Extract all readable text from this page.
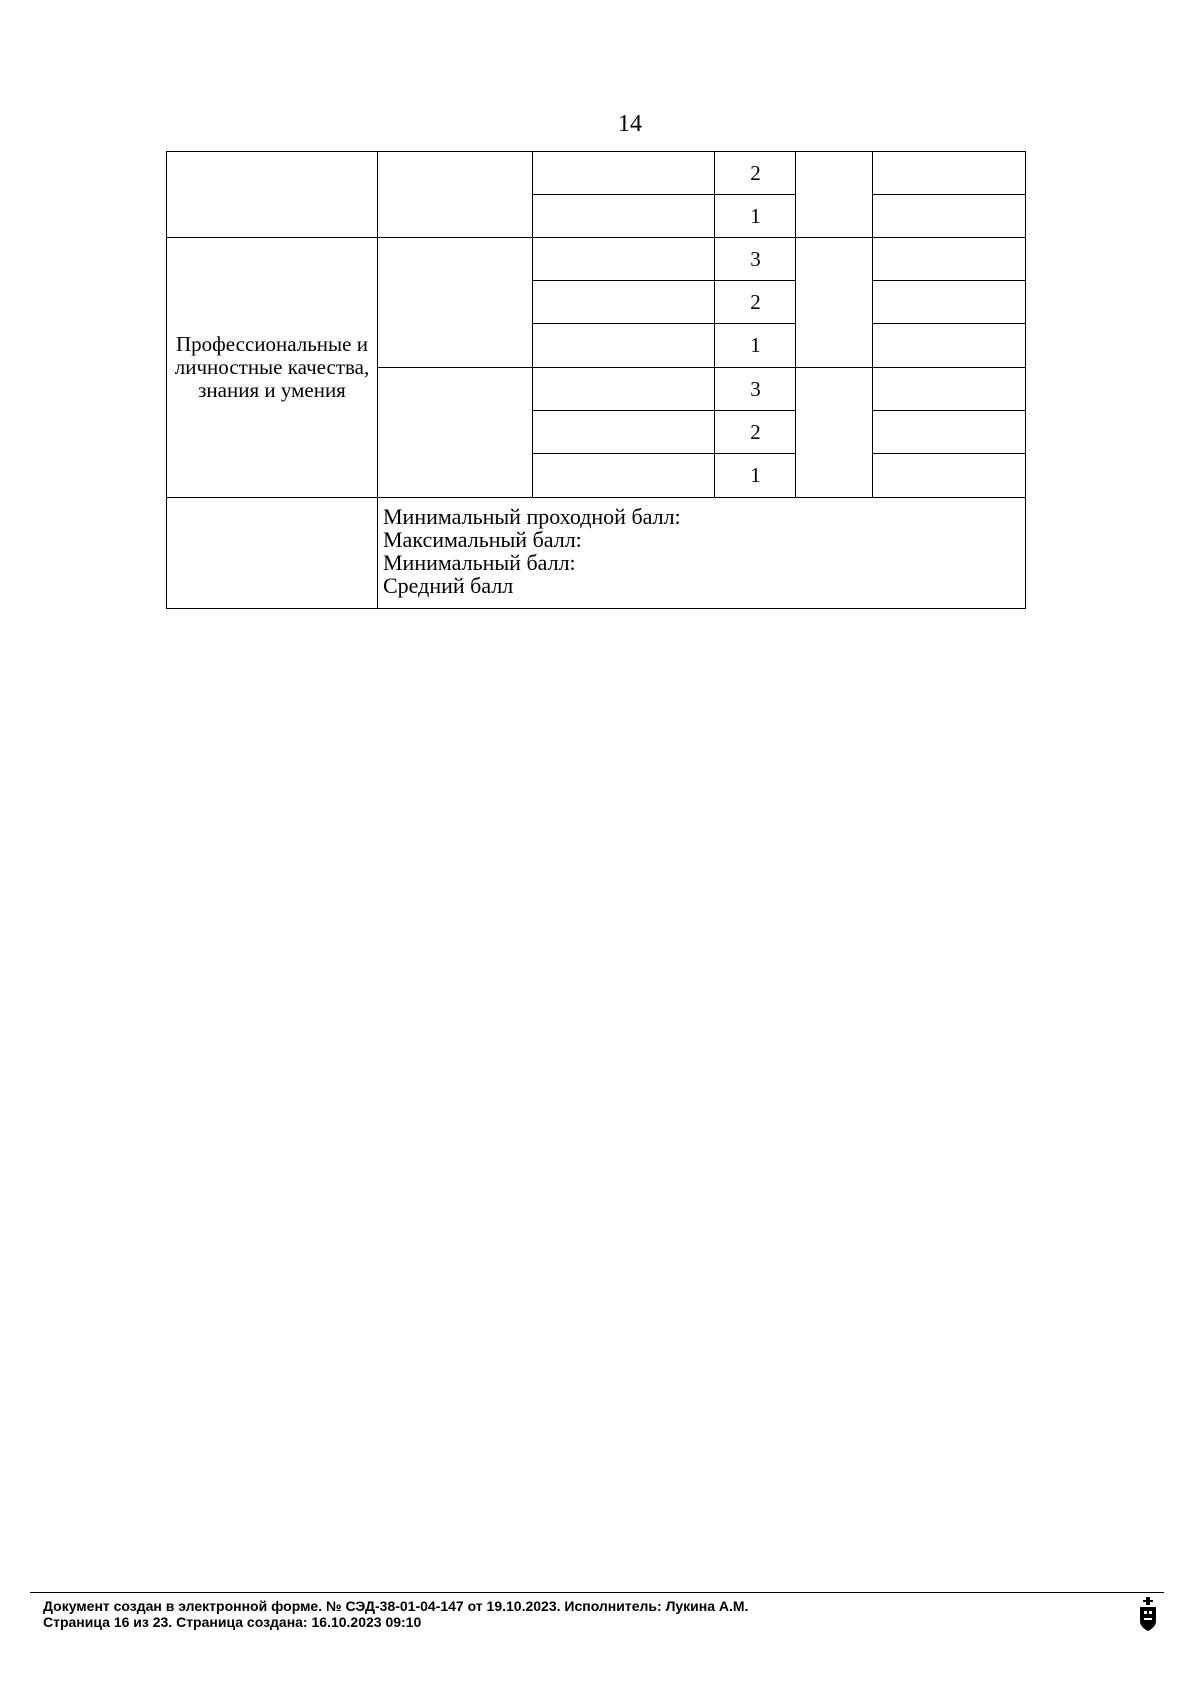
14
2
1
3
2
1
3
2
1
Профессиональные и личностные качества, знания и умения
Минимальный проходной балл:
Максимальный балл:
Минимальный балл:
Средний балл
Документ создан в электронной форме. № СЭД-38-01-04-147 от 19.10.2023. Исполнитель: Лукина А.М.
Страница 16 из 23. Страница создана: 16.10.2023 09:10
